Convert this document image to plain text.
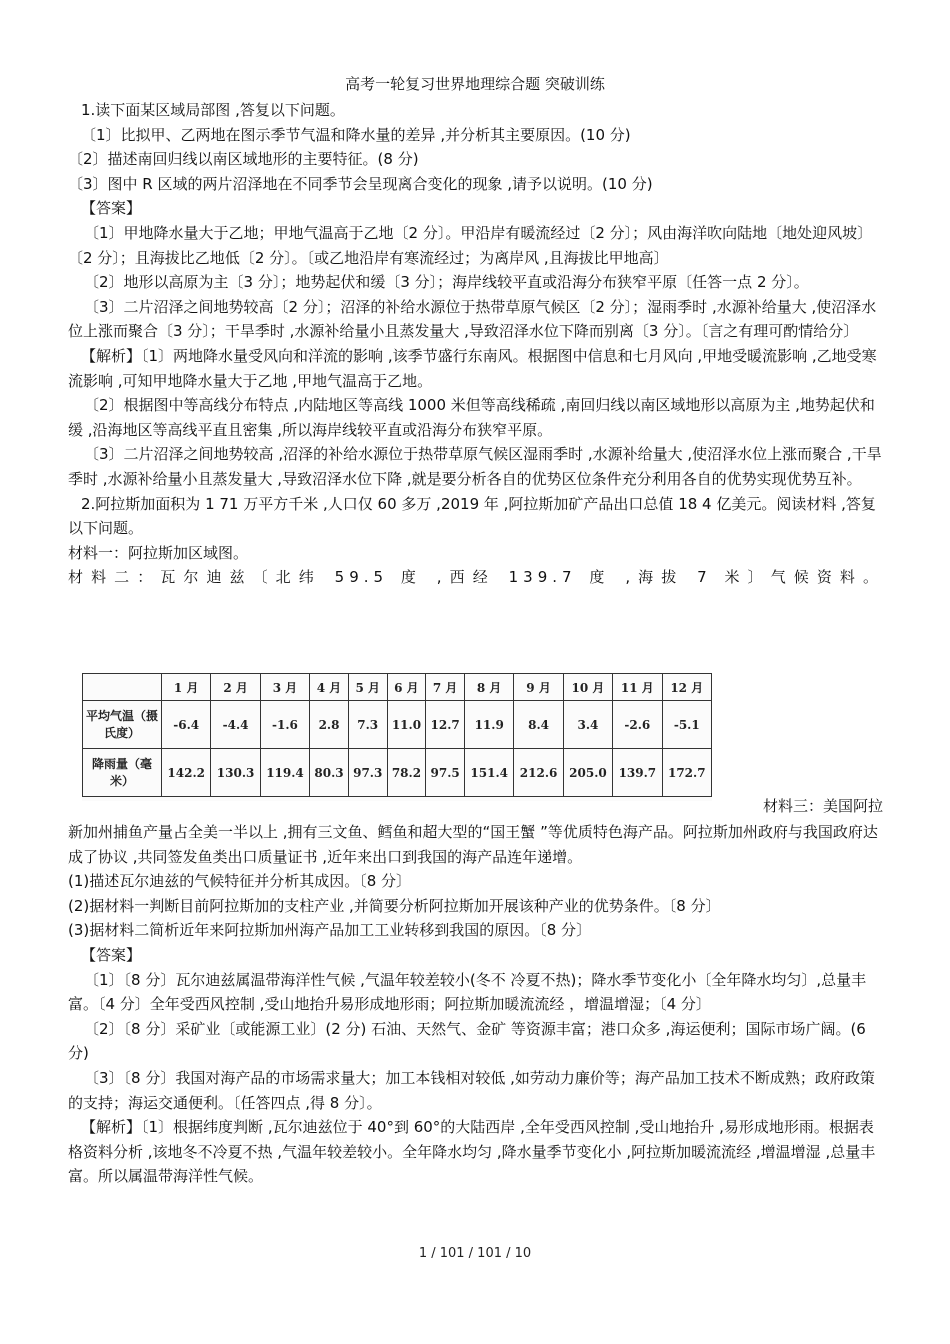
高考一轮复习世界地理综合题 突破训练

1.读下面某区域局部图 ,答复以下问题。

〔1〕比拟甲、乙两地在图示季节气温和降水量的差异 ,并分析其主要原因。(10 分)

〔2〕描述南回归线以南区域地形的主要特征。(8 分)

〔3〕图中 R 区域的两片沼泽地在不同季节会呈现离合变化的现象 ,请予以说明。(10 分)

【答案】

〔1〕甲地降水量大于乙地；甲地气温高于乙地〔2 分〕。甲沿岸有暖流经过〔2 分〕；风由海洋吹向陆地〔地处迎风坡〕〔2 分〕；且海拔比乙地低〔2 分〕。〔或乙地沿岸有寒流经过；为离岸风 ,且海拔比甲地高〕

〔2〕地形以高原为主〔3 分〕；地势起伏和缓〔3 分〕；海岸线较平直或沿海分布狭窄平原〔任答一点 2 分〕。

〔3〕二片沼泽之间地势较高〔2 分〕；沼泽的补给水源位于热带草原气候区〔2 分〕；湿雨季时 ,水源补给量大 ,使沼泽水位上涨而聚合〔3 分〕；干旱季时 ,水源补给量小且蒸发量大 ,导致沼泽水位下降而别离〔3 分〕。〔言之有理可酌情给分〕

【解析】〔1〕两地降水量受风向和洋流的影响 ,该季节盛行东南风。根据图中信息和七月风向 ,甲地受暖流影响 ,乙地受寒流影响 ,可知甲地降水量大于乙地 ,甲地气温高于乙地。

〔2〕根据图中等高线分布特点 ,内陆地区等高线 1000 米但等高线稀疏 ,南回归线以南区域地形以高原为主 ,地势起伏和缓 ,沿海地区等高线平直且密集 ,所以海岸线较平直或沿海分布狭窄平原。

〔3〕二片沼泽之间地势较高 ,沼泽的补给水源位于热带草原气候区湿雨季时 ,水源补给量大 ,使沼泽水位上涨而聚合 ,干旱季时 ,水源补给量小且蒸发量大 ,导致沼泽水位下降 ,就是要分析各自的优势区位条件充分利用各自的优势实现优势互补。

2.阿拉斯加面积为 1 71 万平方千米 ,人口仅 60 多万 ,2019 年 ,阿拉斯加矿产品出口总值 18 4 亿美元。阅读材料 ,答复以下问题。

材料一：阿拉斯加区域图。

材料二：瓦尔迪兹〔北纬 59.5 度 ,西经 139.7 度 ,海拔 7 米〕气候资料。

	1 月	2 月	3 月	4 月	5 月	6 月	7 月	8 月	9 月	10 月	11 月	12 月
平均气温（摄氏度）	-6.4	-4.4	-1.6	2.8	7.3	11.0	12.7	11.9	8.4	3.4	-2.6	-5.1
降雨量（毫米）	142.2	130.3	119.4	80.3	97.3	78.2	97.5	151.4	212.6	205.0	139.7	172.7
材料三：美国阿拉

新加州捕鱼产量占全美一半以上 ,拥有三文鱼、鳕鱼和超大型的“国王蟹 ”等优质特色海产品。阿拉斯加州政府与我国政府达成了协议 ,共同签发鱼类出口质量证书 ,近年来出口到我国的海产品连年递增。

(1)描述瓦尔迪兹的气候特征并分析其成因。〔8 分〕

(2)据材料一判断目前阿拉斯加的支柱产业 ,并简要分析阿拉斯加开展该种产业的优势条件。〔8 分〕

(3)据材料二简析近年来阿拉斯加州海产品加工工业转移到我国的原因。〔8 分〕

【答案】

〔1〕〔8 分〕瓦尔迪兹属温带海洋性气候 ,气温年较差较小(冬不 冷夏不热)；降水季节变化小〔全年降水均匀〕,总量丰富。〔4 分〕全年受西风控制 ,受山地抬升易形成地形雨；阿拉斯加暖流流经 ，增温增湿；〔4 分〕

〔2〕〔8 分〕采矿业〔或能源工业〕(2 分) 石油、天然气、金矿 等资源丰富；港口众多 ,海运便利；国际市场广阔。(6 分)

〔3〕〔8 分〕我国对海产品的市场需求量大；加工本钱相对较低 ,如劳动力廉价等；海产品加工技术不断成熟；政府政策的支持；海运交通便利。〔任答四点 ,得 8 分〕。

【解析】〔1〕根据纬度判断 ,瓦尔迪兹位于 40°到 60°的大陆西岸 ,全年受西风控制 ,受山地抬升 ,易形成地形雨。根据表格资料分析 ,该地冬不冷夏不热 ,气温年较差较小。全年降水均匀 ,降水量季节变化小 ,阿拉斯加暖流流经 ,增温增湿 ,总量丰富。所以属温带海洋性气候。

1 / 101 / 101 / 10
